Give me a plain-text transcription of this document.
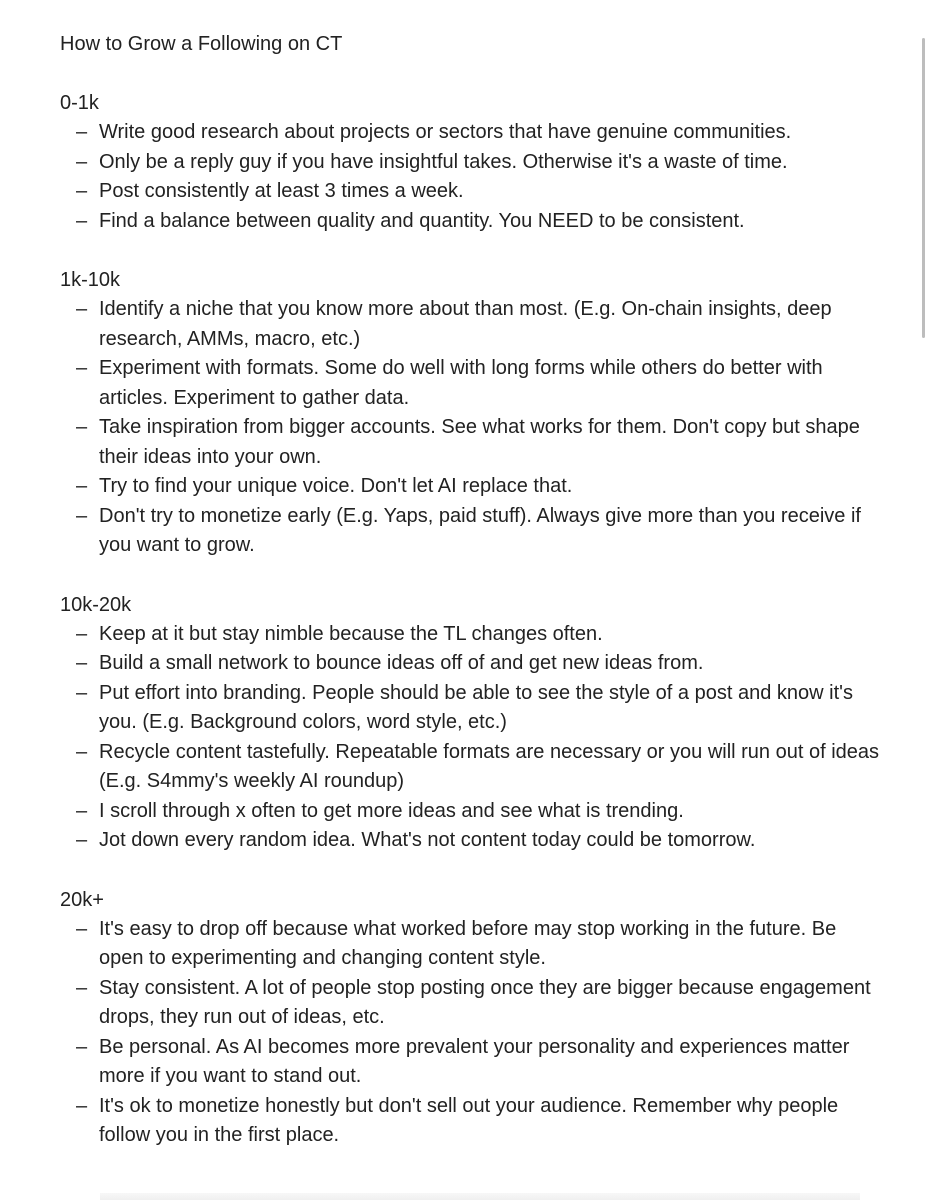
How to Grow a Following on CT
0-1k
– Write good research about projects or sectors that have genuine communities.
– Only be a reply guy if you have insightful takes. Otherwise it's a waste of time.
– Post consistently at least 3 times a week.
– Find a balance between quality and quantity. You NEED to be consistent.
1k-10k
– Identify a niche that you know more about than most. (E.g. On-chain insights, deep research, AMMs, macro, etc.)
– Experiment with formats. Some do well with long forms while others do better with articles. Experiment to gather data.
– Take inspiration from bigger accounts. See what works for them. Don't copy but shape their ideas into your own.
– Try to find your unique voice. Don't let AI replace that.
– Don't try to monetize early (E.g. Yaps, paid stuff). Always give more than you receive if you want to grow.
10k-20k
– Keep at it but stay nimble because the TL changes often.
– Build a small network to bounce ideas off of and get new ideas from.
– Put effort into branding. People should be able to see the style of a post and know it's you. (E.g. Background colors, word style, etc.)
– Recycle content tastefully. Repeatable formats are necessary or you will run out of ideas (E.g. S4mmy's weekly AI roundup)
– I scroll through x often to get more ideas and see what is trending.
– Jot down every random idea. What's not content today could be tomorrow.
20k+
– It's easy to drop off because what worked before may stop working in the future. Be open to experimenting and changing content style.
– Stay consistent. A lot of people stop posting once they are bigger because engagement drops, they run out of ideas, etc.
– Be personal. As AI becomes more prevalent your personality and experiences matter more if you want to stand out.
– It's ok to monetize honestly but don't sell out your audience. Remember why people follow you in the first place.
